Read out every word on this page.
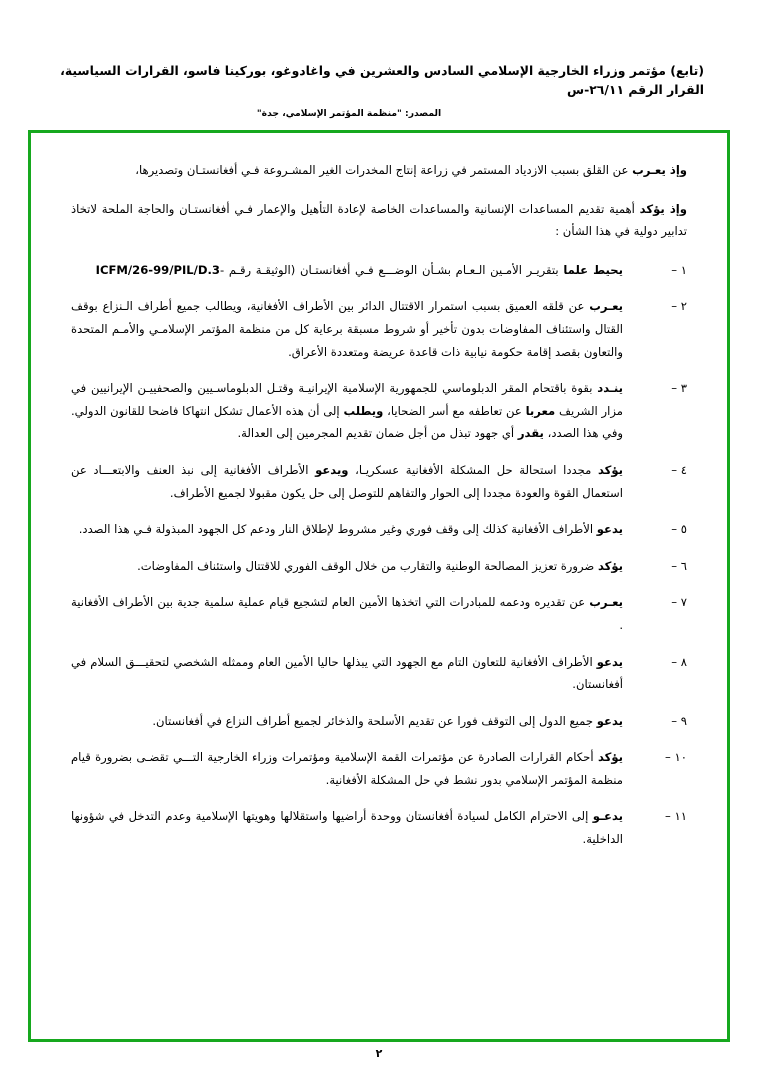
(تابع) مؤتمر وزراء الخارجية الإسلامي السادس والعشرين في واغادوغو، بوركينا فاسو، القرارات السياسية، القرار الرقم ٢٦/١١-س
المصدر: "منظمة المؤتمر الإسلامي، جدة"

وإذ يعـرب عن القلق بسبب الازدياد المستمر في زراعة إنتاج المخدرات الغير المشـروعة فـي أفغانستـان وتصديرها،

وإذ يؤكد أهمية تقديم المساعدات الإنسانية والمساعدات الخاصة لإعادة التأهيل والإعمار فـي أفغانستـان والحاجة الملحة لاتخاذ تدابير دولية في هذا الشأن :

١ –
يحيط علما بتقريـر الأمـين الـعـام بشـأن الوضـــع فـي أفغانستـان (الوثيقـة رقـم -ICFM/26-99/PIL/D.3
٢ –
يعـرب عن قلقه العميق بسبب استمرار الاقتتال الدائر بين الأطراف الأفغانية، ويطالب جميع أطراف الـنزاع بوقف القتال واستئناف المفاوضات بدون تأخير أو شروط مسبقة برعاية كل من منظمة المؤتمر الإسلامـي والأمـم المتحدة والتعاون بقصد إقامة حكومة نيابية ذات قاعدة عريضة ومتعددة الأعراق.
٣ –
ينـدد بقوة باقتحام المقر الدبلوماسي للجمهورية الإسلامية الإيرانيـة وقتـل الدبلوماسـيين والصحفييـن الإيرانيين في مزار الشريف معربا عن تعاطفه مع أسر الضحايا، ويطلب إلى أن هذه الأعمال تشكل انتهاكا فاضحا للقانون الدولي. وفي هذا الصدد، يقدر أي جهود تبذل من أجل ضمان تقديم المجرمين إلى العدالة.
٤ –
يؤكد مجددا استحالة حل المشكلة الأفغانية عسكريـا، ويدعو الأطراف الأفغانية إلى نبذ العنف والابتعـــاد عن استعمال القوة والعودة مجددا إلى الحوار والتفاهم للتوصل إلى حل يكون مقبولا لجميع الأطراف.
٥ –
يدعو الأطراف الأفغانية كذلك إلى وقف فوري وغير مشروط لإطلاق النار ودعم كل الجهود المبذولة فـي هذا الصدد.
٦ –
يؤكد ضرورة تعزيز المصالحة الوطنية والتقارب من خلال الوقف الفوري للاقتتال واستئناف المفاوضات.
٧ –
يعـرب عن تقديره ودعمه للمبادرات التي اتخذها الأمين العام لتشجيع قيام عملية سلمية جدية بين الأطراف الأفغانية .
٨ –
يدعو الأطراف الأفغانية للتعاون التام مع الجهود التي يبذلها حاليا الأمين العام وممثله الشخصي لتحقيـــق السلام في أفغانستان.
٩ –
يدعو جميع الدول إلى التوقف فورا عن تقديم الأسلحة والذخائر لجميع أطراف النزاع في أفغانستان.
١٠ –
يؤكد أحكام القرارات الصادرة عن مؤتمرات القمة الإسلامية ومؤتمرات وزراء الخارجية التـــي تقضـى بضرورة قيام منظمة المؤتمر الإسلامي بدور نشط في حل المشكلة الأفغانية.
١١ –
يدعـو إلى الاحترام الكامل لسيادة أفغانستان ووحدة أراضيها واستقلالها وهويتها الإسلامية وعدم التدخل في شؤونها الداخلية.
٢
